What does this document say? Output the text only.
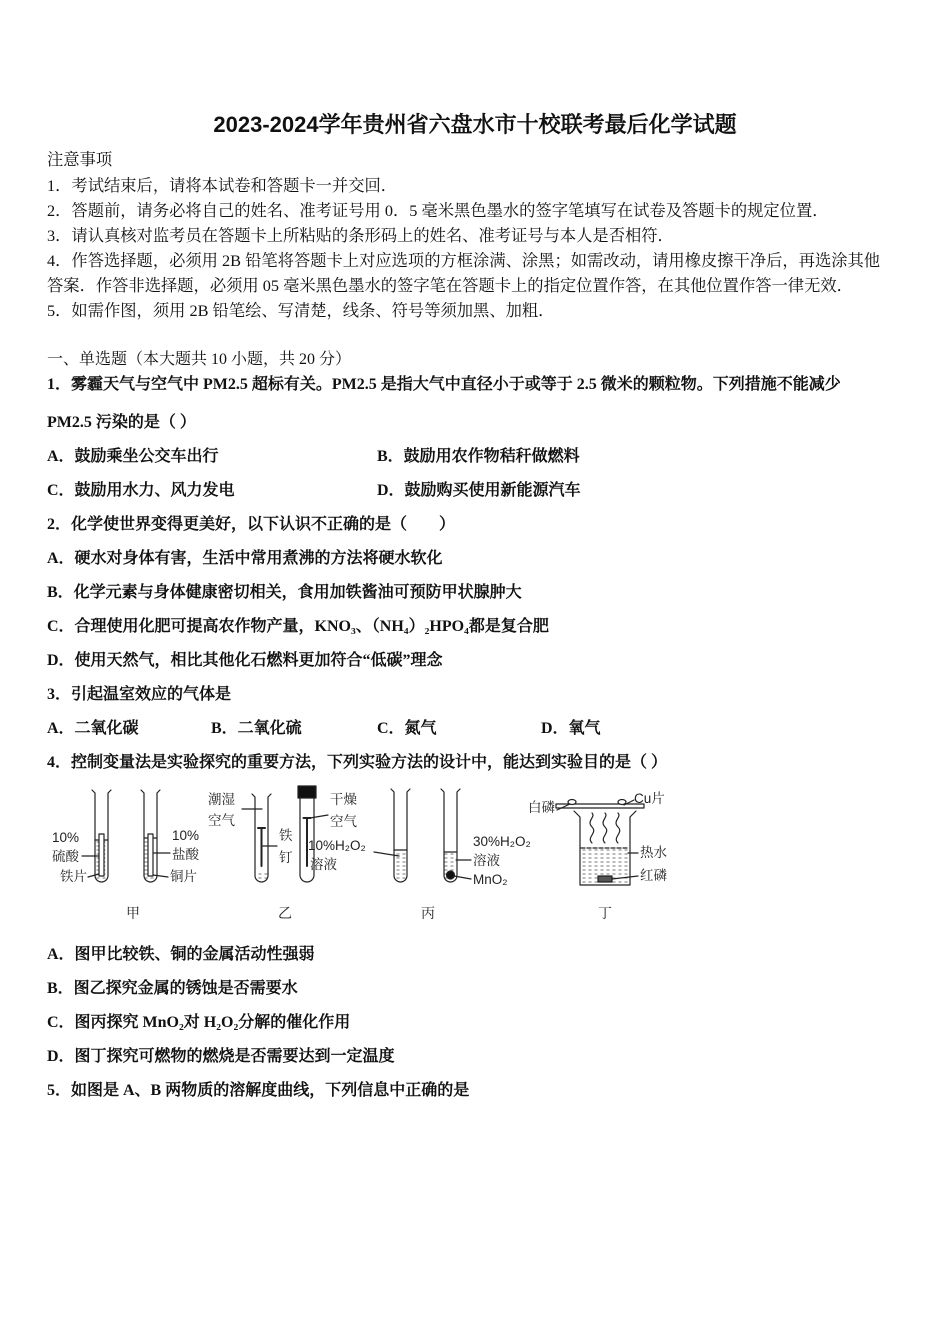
2023-2024学年贵州省六盘水市十校联考最后化学试题
注意事项
1．考试结束后，请将本试卷和答题卡一并交回．
2．答题前，请务必将自己的姓名、准考证号用 0．5 毫米黑色墨水的签字笔填写在试卷及答题卡的规定位置．
3．请认真核对监考员在答题卡上所粘贴的条形码上的姓名、准考证号与本人是否相符．
4．作答选择题，必须用 2B 铅笔将答题卡上对应选项的方框涂满、涂黑；如需改动，请用橡皮擦干净后，再选涂其他
答案．作答非选择题，必须用 05 毫米黑色墨水的签字笔在答题卡上的指定位置作答，在其他位置作答一律无效．
5．如需作图，须用 2B 铅笔绘、写清楚，线条、符号等须加黑、加粗．
一、单选题（本大题共 10 小题，共 20 分）
1．雾霾天气与空气中 PM2.5 超标有关。PM2.5 是指大气中直径小于或等于 2.5 微米的颗粒物。下列措施不能减少
PM2.5 污染的是（ ）
A．鼓励乘坐公交车出行	B．鼓励用农作物秸秆做燃料
C．鼓励用水力、风力发电	D．鼓励购买使用新能源汽车
2．化学使世界变得更美好，以下认识不正确的是（　　）
A．硬水对身体有害，生活中常用煮沸的方法将硬水软化
B．化学元素与身体健康密切相关，食用加铁酱油可预防甲状腺肿大
C．合理使用化肥可提高农作物产量，KNO₃、（NH₄）₂HPO₄都是复合肥
D．使用天然气，相比其他化石燃料更加符合“低碳”理念
3．引起温室效应的气体是
A．二氧化碳	B．二氧化硫	C．氮气	D．氧气
4．控制变量法是实验探究的重要方法，下列实验方法的设计中，能达到实验目的是（ ）
10%
硫酸
铁片
10%
盐酸
铜片
甲
潮湿
空气
铁
钉
干燥
空气
乙
10%H₂O₂
溶液
30%H₂O₂
溶液
MnO₂
丙
白磷
Cu片
热水
红磷
丁
A．图甲比较铁、铜的金属活动性强弱
B．图乙探究金属的锈蚀是否需要水
C．图丙探究 MnO₂对 H₂O₂分解的催化作用
D．图丁探究可燃物的燃烧是否需要达到一定温度
5．如图是 A、B 两物质的溶解度曲线，下列信息中正确的是
